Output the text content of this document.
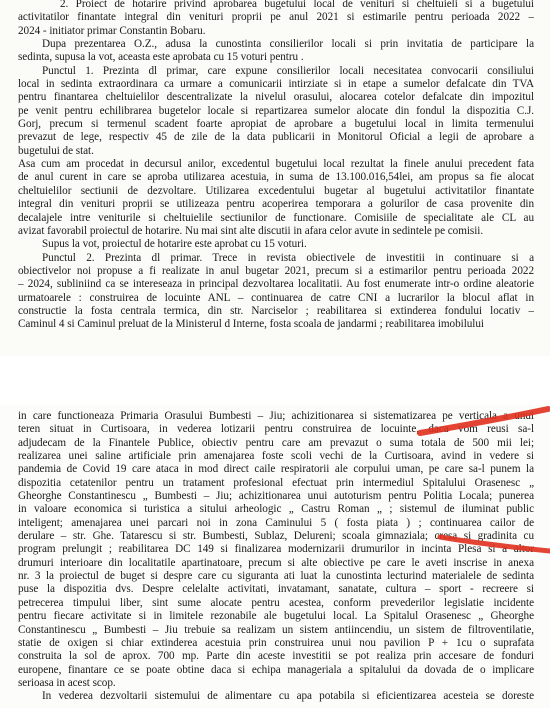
2. Proiect de hotarire privind aprobarea bugetului local de venituri si cheltuieli si a bugetului
activitatilor finantate integral din venituri proprii pe anul 2021 si estimarile pentru perioada 2022 –
2024 - initiator primar Constantin Bobaru.
Dupa prezentarea O.Z., adusa la cunostinta consilierilor locali si prin invitatia de participare la
sedinta, supusa la vot, aceasta este aprobata cu 15 voturi pentru .
Punctul 1. Prezinta dl primar, care expune consilierilor locali necesitatea convocarii consiliului
local in sedinta extraordinara ca urmare a comunicarii intirziate si in etape a sumelor defalcate din TVA
pentru finantarea cheltuielilor descentralizate la nivelul orasului, alocarea cotelor defalcate din impozitul
pe venit pentru echilibrarea bugetelor locale si repartizarea sumelor alocate din fondul la dispozitia C.J.
Gorj, precum si termenul scadent foarte apropiat de aprobare a bugetului local in limita termenului
prevazut de lege, respectiv 45 de zile de la data publicarii in Monitorul Oficial a legii de aprobare a
bugetului de stat.
Asa cum am procedat in decursul anilor, excedentul bugetului local rezultat la finele anului precedent fata
de anul curent in care se aproba utilizarea acestuia, in suma de 13.100.016,54lei, am propus sa fie alocat
cheltuielilor sectiunii de dezvoltare. Utilizarea excedentului bugetar al bugetului activitatilor finantate
integral din venituri proprii se utilizeaza pentru acoperirea temporara a golurilor de casa provenite din
decalajele intre veniturile si cheltuielile sectiunilor de functionare. Comisiile de specialitate ale CL au
avizat favorabil proiectul de hotarire. Nu mai sint alte discutii in afara celor avute in sedintele pe comisii.
Supus la vot, proiectul de hotarire este aprobat cu 15 voturi.
Punctul 2. Prezinta dl primar. Trece in revista obiectivele de investitii in continuare si a
obiectivelor noi propuse a fi realizate in anul bugetar 2021, precum si a estimarilor pentru perioada 2022
– 2024, subliniind ca se intereseaza in principal dezvoltarea localitatii. Au fost enumerate intr-o ordine aleatorie
urmatoarele : construirea de locuinte ANL – continuarea de catre CNI a lucrarilor la blocul aflat in
constructie la fosta centrala termica, din str. Narciselor ; reabilitarea si extinderea fondului locativ –
Caminul 4 si Caminul preluat de la Ministerul d Interne, fosta scoala de jandarmi ; reabilitarea imobilului
in care functioneaza Primaria Orasului Bumbesti – Jiu; achizitionarea si sistematizarea pe verticala a unui
teren situat in Curtisoara, in vederea lotizarii pentru construirea de locuinte, daca vom reusi sa-l
adjudecam de la Finantele Publice, obiectiv pentru care am prevazut o suma totala de 500 mii lei;
realizarea unei saline artificiale prin amenajarea foste scoli vechi de la Curtisoara, avind in vedere si
pandemia de Covid 19 care ataca in mod direct caile respiratorii ale corpului uman, pe care sa-l punem la
dispozitia cetatenilor pentru un tratament profesional efectuat prin intermediul Spitalului Orasenesc „
Gheorghe Constantinescu „ Bumbesti – Jiu; achizitionarea unui autoturism pentru Politia Locala; punerea
in valoare economica si turistica a sitului arheologic „ Castru Roman „ ; sistemul de iluminat public
inteligent; amenajarea unei parcari noi in zona Caminului 5 ( fosta piata ) ; continuarea cailor de
derulare – str. Ghe. Tatarescu si str. Bumbesti, Sublaz, Delureni; scoala gimnaziala; cresa si gradinita cu
program prelungit ; reabilitarea DC 149 si finalizarea modernizarii drumurilor in incinta Plesa si a altor
drumuri interioare din localitatile apartinatoare, precum si alte obiective pe care le aveti inscrise in anexa
nr. 3 la proiectul de buget si despre care cu siguranta ati luat la cunostinta lecturind materialele de sedinta
puse la dispozitia dvs. Despre celelalte activitati, invatamant, sanatate, cultura – sport - recreere si
petrecerea timpului liber, sint sume alocate pentru acestea, conform prevederilor legislatie incidente
pentru fiecare activitate si in limitele rezonabile ale bugetului local. La Spitalul Orasenesc „ Gheorghe
Constantinescu „ Bumbesti – Jiu trebuie sa realizam un sistem antiincendiu, un sistem de filtroventilatie,
statie de oxigen si chiar extinderea acestuia prin construirea unui nou pavilion P + 1cu o suprafata
construita la sol de aprox. 700 mp. Parte din aceste investitii se pot realiza prin accesare de fonduri
europene, finantare ce se poate obtine daca si echipa manageriala a spitalului da dovada de o implicare
serioasa in acest scop.
In vederea dezvoltarii sistemului de alimentare cu apa potabila si eficientizarea acesteia se doreste
